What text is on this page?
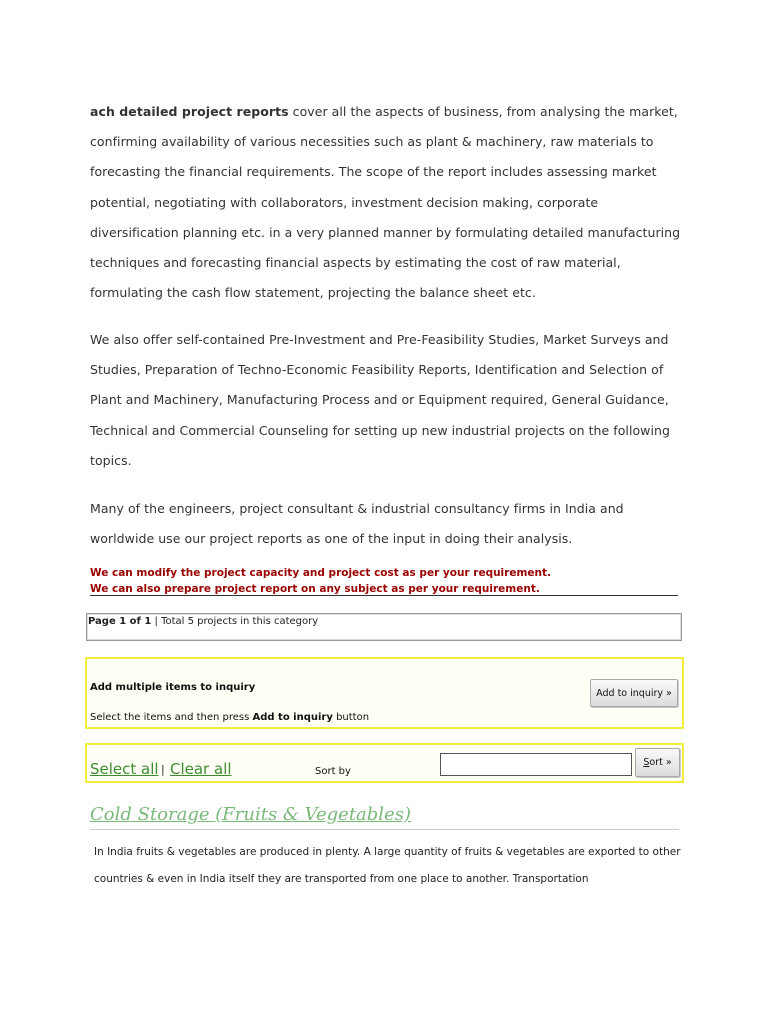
ach detailed project reports cover all the aspects of business, from analysing the market, confirming availability of various necessities such as plant & machinery, raw materials to forecasting the financial requirements. The scope of the report includes assessing market potential, negotiating with collaborators, investment decision making, corporate diversification planning etc. in a very planned manner by formulating detailed manufacturing techniques and forecasting financial aspects by estimating the cost of raw material, formulating the cash flow statement, projecting the balance sheet etc.

We also offer self-contained Pre-Investment and Pre-Feasibility Studies, Market Surveys and Studies, Preparation of Techno-Economic Feasibility Reports, Identification and Selection of Plant and Machinery, Manufacturing Process and or Equipment required, General Guidance, Technical and Commercial Counseling for setting up new industrial projects on the following topics.

Many of the engineers, project consultant & industrial consultancy firms in India and worldwide use our project reports as one of the input in doing their analysis.

We can modify the project capacity and project cost as per your requirement.
We can also prepare project report on any subject as per your requirement.
Page 1 of 1 | Total 5 projects in this category
Add multiple items to inquiry	Add to inquiry »
Select the items and then press Add to inquiry button
Select all | Clear all	Sort by
S ort »
Cold Storage (Fruits & Vegetables)

In India fruits & vegetables are produced in plenty. A large quantity of fruits & vegetables are exported to other countries & even in India itself they are transported from one place to another. Transportation
